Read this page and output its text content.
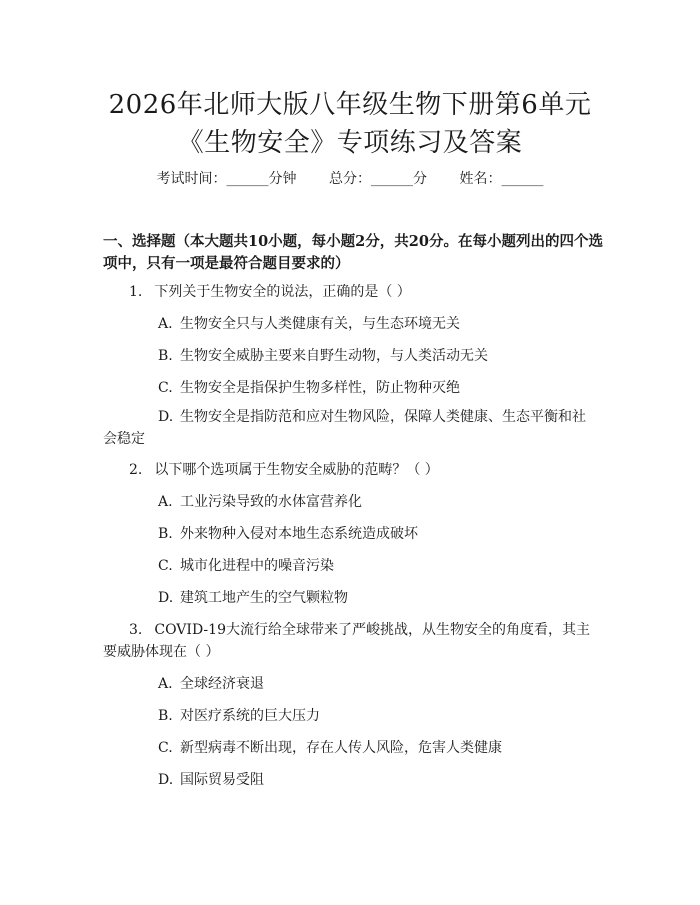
2026年北师大版八年级生物下册第6单元
《生物安全》专项练习及答案
考试时间：______分钟 总分：______分 姓名：______
一、选择题（本大题共10小题，每小题2分，共20分。在每小题列出的四个选项中，只有一项是最符合题目要求的）
1. 下列关于生物安全的说法，正确的是（ ）
A. 生物安全只与人类健康有关，与生态环境无关
B. 生物安全威胁主要来自野生动物，与人类活动无关
C. 生物安全是指保护生物多样性，防止物种灭绝
D. 生物安全是指防范和应对生物风险，保障人类健康、生态平衡和社会稳定
2. 以下哪个选项属于生物安全威胁的范畴？（ ）
A. 工业污染导致的水体富营养化
B. 外来物种入侵对本地生态系统造成破坏
C. 城市化进程中的噪音污染
D. 建筑工地产生的空气颗粒物
3. COVID-19大流行给全球带来了严峻挑战，从生物安全的角度看，其主要威胁体现在（ ）
A. 全球经济衰退
B. 对医疗系统的巨大压力
C. 新型病毒不断出现，存在人传人风险，危害人类健康
D. 国际贸易受阻
